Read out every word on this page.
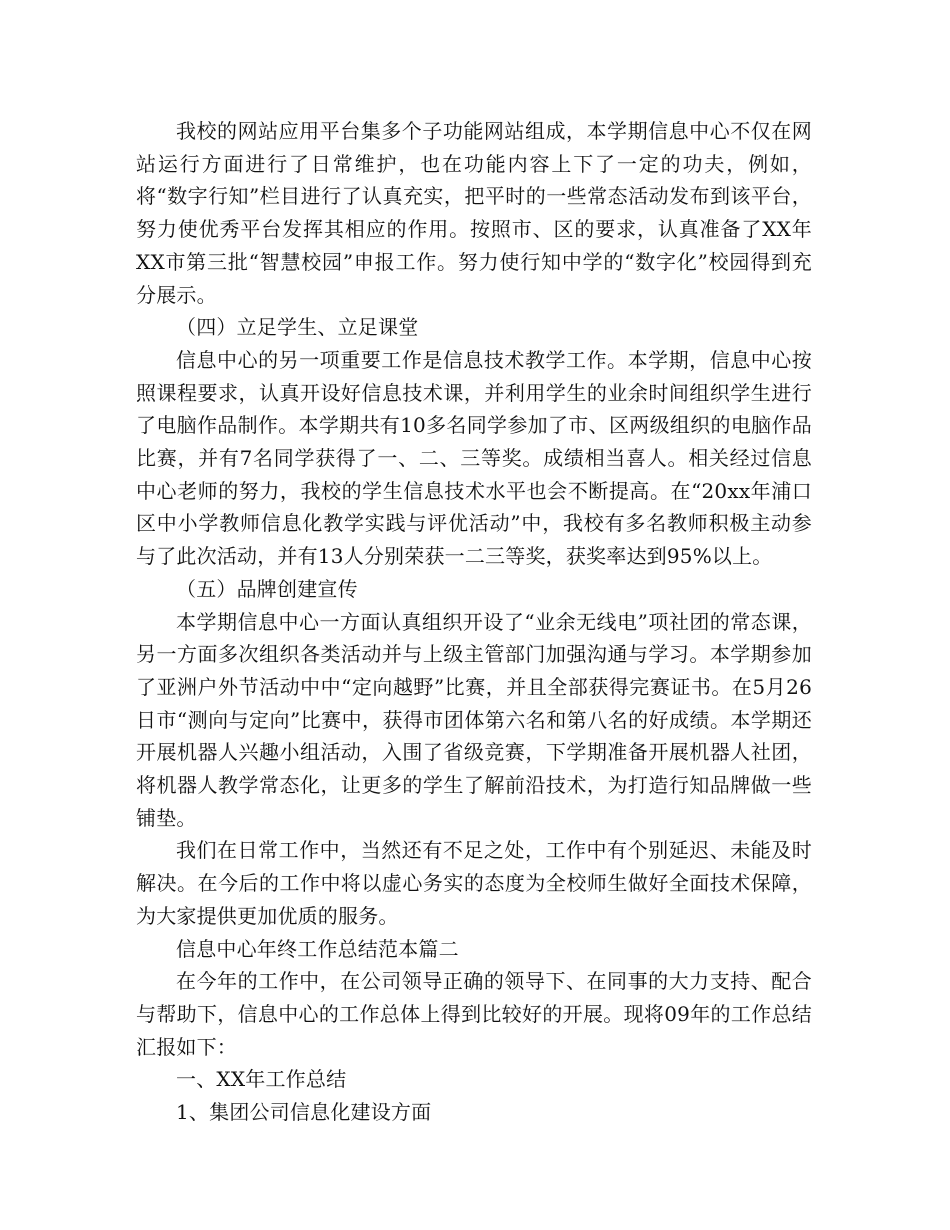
我校的网站应用平台集多个子功能网站组成，本学期信息中心不仅在网站运行方面进行了日常维护，也在功能内容上下了一定的功夫，例如，将“数字行知”栏目进行了认真充实，把平时的一些常态活动发布到该平台，努力使优秀平台发挥其相应的作用。按照市、区的要求，认真准备了XX年XX市第三批“智慧校园”申报工作。努力使行知中学的“数字化”校园得到充分展示。

（四）立足学生、立足课堂

信息中心的另一项重要工作是信息技术教学工作。本学期，信息中心按照课程要求，认真开设好信息技术课，并利用学生的业余时间组织学生进行了电脑作品制作。本学期共有10多名同学参加了市、区两级组织的电脑作品比赛，并有7名同学获得了一、二、三等奖。成绩相当喜人。相关经过信息中心老师的努力，我校的学生信息技术水平也会不断提高。在“20xx年浦口区中小学教师信息化教学实践与评优活动”中，我校有多名教师积极主动参与了此次活动，并有13人分别荣获一二三等奖，获奖率达到95%以上。

（五）品牌创建宣传

本学期信息中心一方面认真组织开设了“业余无线电”项社团的常态课，另一方面多次组织各类活动并与上级主管部门加强沟通与学习。本学期参加了亚洲户外节活动中中“定向越野”比赛，并且全部获得完赛证书。在5月26日市“测向与定向”比赛中，获得市团体第六名和第八名的好成绩。本学期还开展机器人兴趣小组活动，入围了省级竞赛，下学期准备开展机器人社团，将机器人教学常态化，让更多的学生了解前沿技术，为打造行知品牌做一些铺垫。

我们在日常工作中，当然还有不足之处，工作中有个别延迟、未能及时解决。在今后的工作中将以虚心务实的态度为全校师生做好全面技术保障，为大家提供更加优质的服务。

信息中心年终工作总结范本篇二

在今年的工作中，在公司领导正确的领导下、在同事的大力支持、配合与帮助下，信息中心的工作总体上得到比较好的开展。现将09年的工作总结汇报如下：

一、XX年工作总结

1、集团公司信息化建设方面
